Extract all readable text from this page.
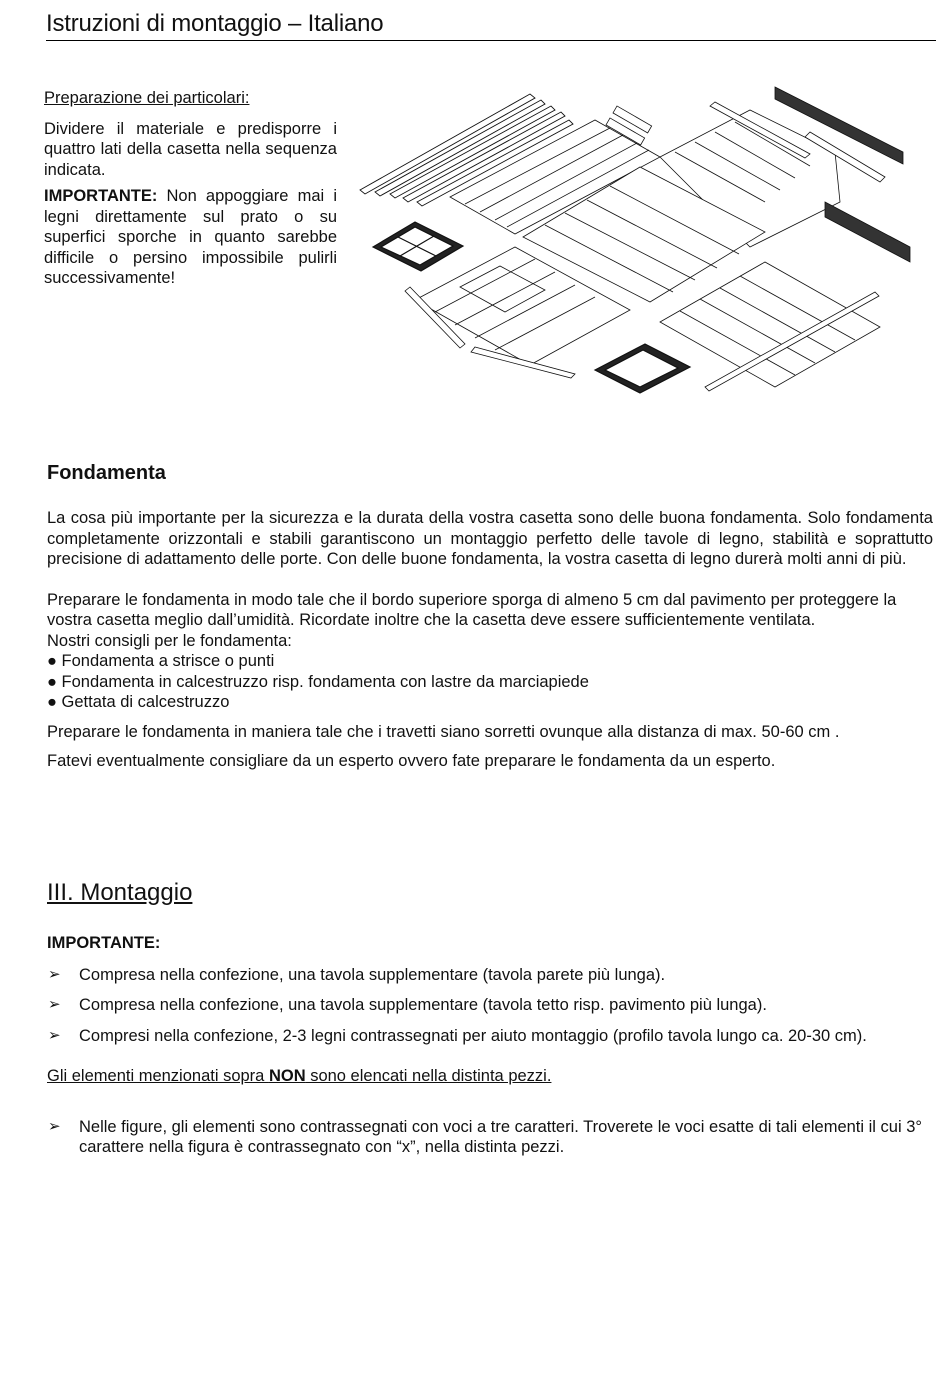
Istruzioni di montaggio – Italiano

Preparazione dei particolari:

Dividere il materiale e predisporre i quattro lati della casetta nella sequenza indicata.

IMPORTANTE: Non appoggiare mai i legni direttamente sul prato o su superfici sporche in quanto sarebbe difficile o persino impossibile pulirli successivamente!

Fondamenta

La cosa più importante per la sicurezza e la durata della vostra casetta sono delle buona fondamenta. Solo fondamenta completamente orizzontali e stabili garantiscono un montaggio perfetto delle tavole di legno, stabilità e soprattutto precisione di adattamento delle porte. Con delle buone fondamenta, la vostra casetta di legno durerà molti anni di più.

Preparare le fondamenta in modo tale che il bordo superiore sporga di almeno 5 cm dal pavimento per proteggere la vostra casetta meglio dall’umidità. Ricordate inoltre che la casetta deve essere sufficientemente ventilata.

Nostri consigli per le fondamenta:

● Fondamenta a strisce o punti

● Fondamenta in calcestruzzo risp. fondamenta con lastre da marciapiede

● Gettata di calcestruzzo

Preparare le fondamenta in maniera tale che i travetti siano sorretti ovunque alla distanza di max. 50-60 cm .

Fatevi eventualmente consigliare da un esperto ovvero fate preparare le fondamenta da un esperto.

III. Montaggio

IMPORTANTE:

➢ Compresa nella confezione, una tavola supplementare (tavola parete più lunga).
➢ Compresa nella confezione, una tavola supplementare (tavola tetto risp. pavimento più lunga).
➢ Compresi nella confezione, 2-3 legni contrassegnati per aiuto montaggio (profilo tavola lungo ca. 20-30 cm).

Gli elementi menzionati sopra NON sono elencati nella distinta pezzi.

➢ Nelle figure, gli elementi sono contrassegnati con voci a tre caratteri. Troverete le voci esatte di tali elementi il cui 3° carattere nella figura è contrassegnato con “x”, nella distinta pezzi.
